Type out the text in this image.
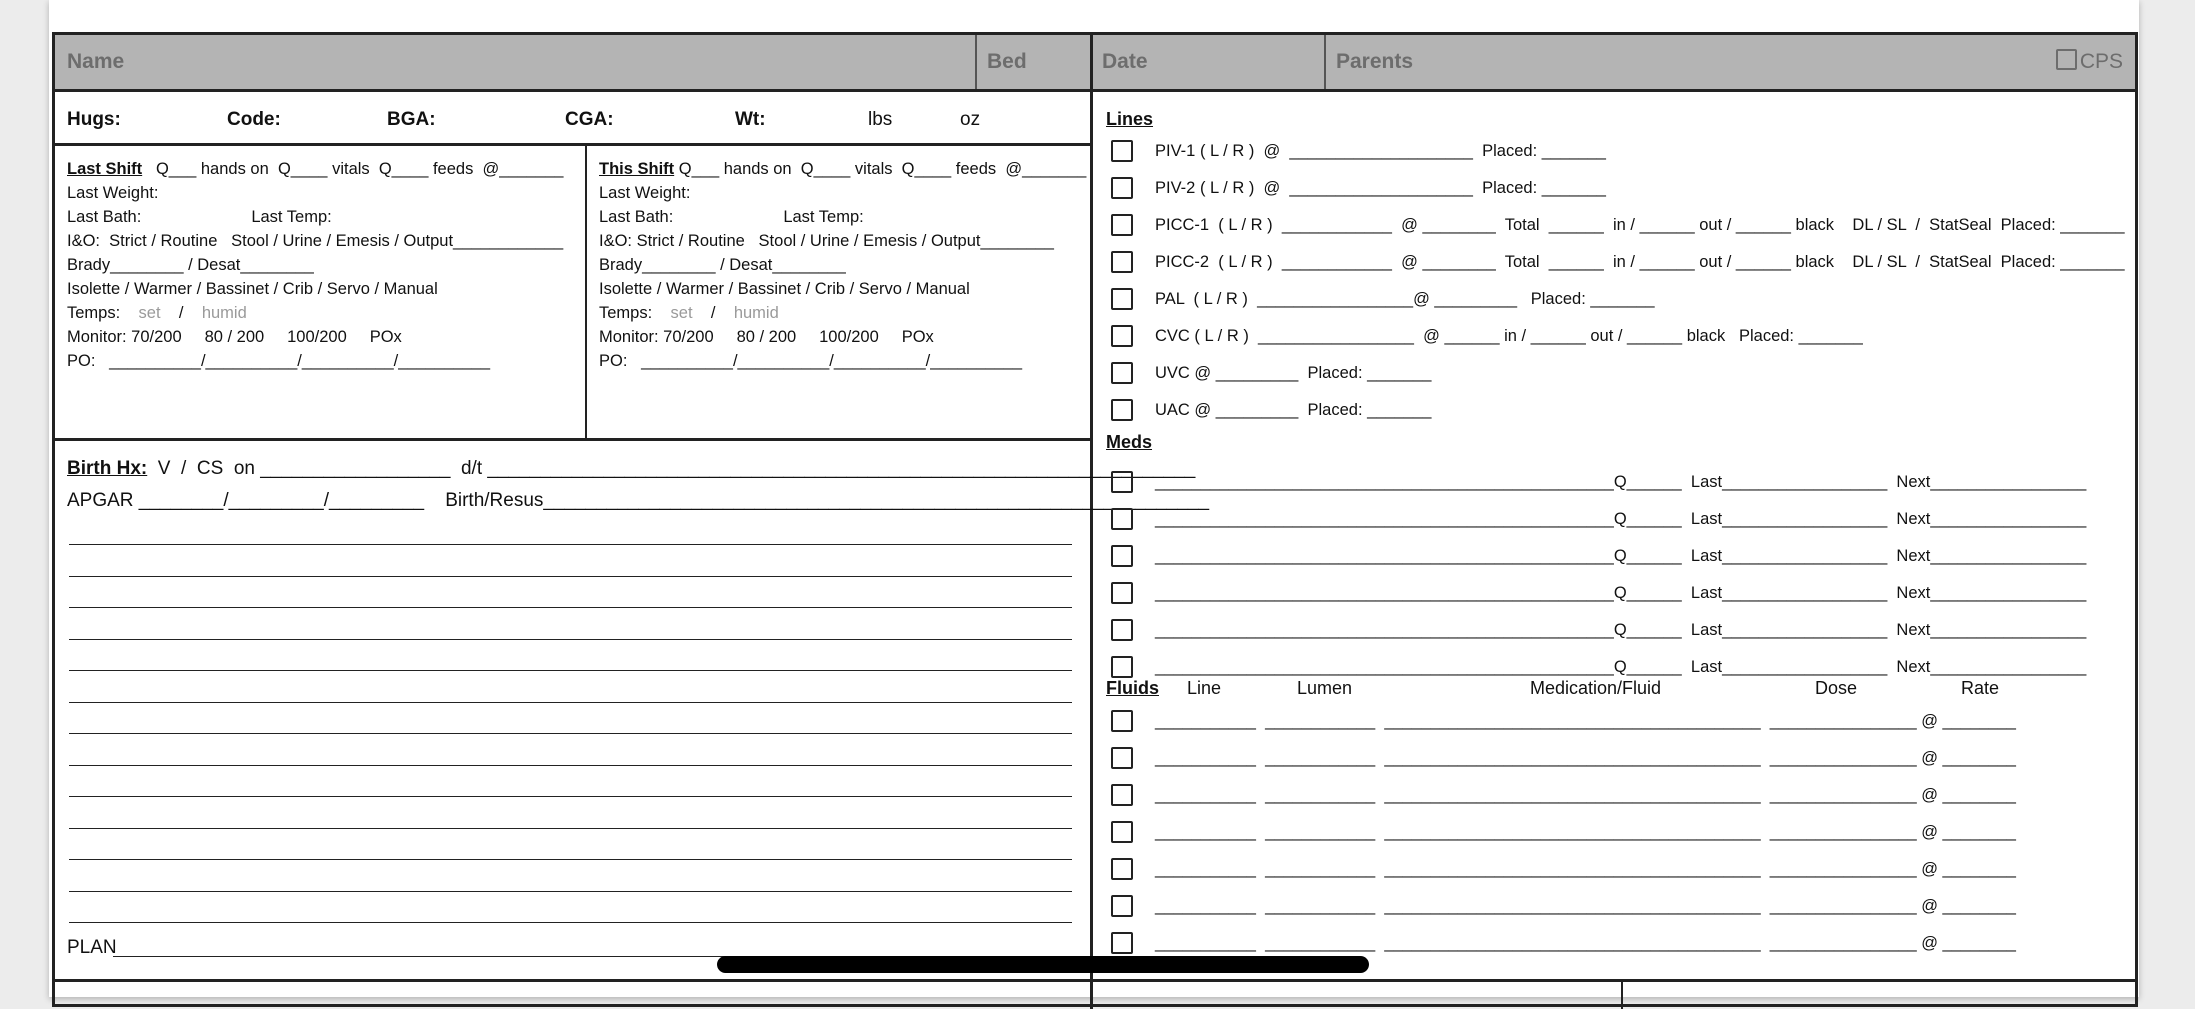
Name	Bed	Date	Parents	CPS
Hugs:	Code:	BGA:	CGA:	Wt:	lbs	oz
Last Shift Q___ hands on  Q____ vitals  Q____ feeds  @_______
Last Weight:
Last Bath:                        Last Temp:
I&O:  Strict / Routine   Stool / Urine / Emesis / Output____________
Brady________ / Desat________
Isolette / Warmer / Bassinet / Crib / Servo / Manual
Temps: set / humid
Monitor: 70/200     80 / 200     100/200     POx
PO:   __________/__________/__________/__________
This Shift Q___ hands on  Q____ vitals  Q____ feeds  @_______
Last Weight:
Last Bath:                        Last Temp:
I&O: Strict / Routine   Stool / Urine / Emesis / Output________
Brady________ / Desat________
Isolette / Warmer / Bassinet / Crib / Servo / Manual
Temps: set / humid
Monitor: 70/200     80 / 200     100/200     POx
PO:   __________/__________/__________/__________
Birth Hx: V  /  CS  on __________________  d/t ___________________________________________________________________
APGAR ________/_________/_________    Birth/Resus_______________________________________________________________
PLAN
Lines
PIV-1 ( L / R )  @  ____________________  Placed: _______
PIV-2 ( L / R )  @  ____________________  Placed: _______
PICC-1  ( L / R )  ____________  @ ________  Total  ______  in / ______ out / ______ black    DL / SL  /  StatSeal  Placed: _______
PICC-2  ( L / R )  ____________  @ ________  Total  ______  in / ______ out / ______ black    DL / SL  /  StatSeal  Placed: _______
PAL  ( L / R )  _________________@ _________   Placed: _______
CVC ( L / R )  _________________  @ ______ in / ______ out / ______ black   Placed: _______
UVC @ _________  Placed: _______
UAC @ _________  Placed: _______
Meds
__________________________________________________Q______  Last__________________  Next_________________
__________________________________________________Q______  Last__________________  Next_________________
__________________________________________________Q______  Last__________________  Next_________________
__________________________________________________Q______  Last__________________  Next_________________
__________________________________________________Q______  Last__________________  Next_________________
__________________________________________________Q______  Last__________________  Next_________________
Fluids Line	Lumen	Medication/Fluid	Dose	Rate
___________  ____________  _________________________________________  ________________ @ ________
___________  ____________  _________________________________________  ________________ @ ________
___________  ____________  _________________________________________  ________________ @ ________
___________  ____________  _________________________________________  ________________ @ ________
___________  ____________  _________________________________________  ________________ @ ________
___________  ____________  _________________________________________  ________________ @ ________
___________  ____________  _________________________________________  ________________ @ ________
